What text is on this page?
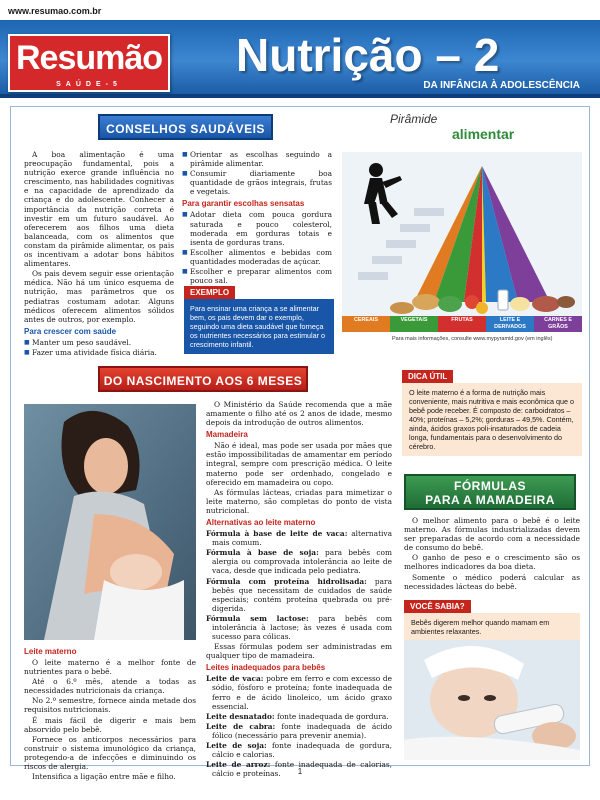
www.resumao.com.br
Resumão
SAÚDE-5
Nutrição – 2
DA INFÂNCIA À ADOLESCÊNCIA
CONSELHOS SAUDÁVEIS

A boa alimentação é uma preocupação fundamental, pois a nutrição exerce grande influência no crescimento, nas habilidades cognitivas e na capacidade de aprendizado da criança e do adolescente. Conhecer a importância da nutrição correta é investir em um futuro saudável. Ao oferecerem aos filhos uma dieta balanceada, com os alimentos que constam da pirâmide alimentar, os pais os incentivam a adotar bons hábitos alimentares.

Os pais devem seguir esse orientação médica. Não há um único esquema de nutrição, mas parâmetros que os pediatras costumam adotar. Alguns médicos oferecem alimentos sólidos antes de outros, por exemplo.

Para crescer com saúde
■ Manter um peso saudável.
■ Fazer uma atividade física diária.
■ Orientar as escolhas seguindo a pirâmide alimentar.
■ Consumir diariamente boa quantidade de grãos integrais, frutas e vegetais.
Para garantir escolhas sensatas
■ Adotar dieta com pouca gordura saturada e pouco colesterol, moderada em gorduras totais e isenta de gorduras trans.
■ Escolher alimentos e bebidas com quantidades moderadas de açúcar.
■ Escolher e preparar alimentos com pouco sal.
EXEMPLO

Para ensinar uma criança a se alimentar bem, os pais devem dar o exemplo, seguindo uma dieta saudável que forneça os nutrientes necessários para estimular o crescimento infantil.

Pirâmide
alimentar
CEREAIS	VEGETAIS	FRUTAS	LEITE E DERIVADOS
CARNES E GRÃOS
Para mais informações, consulte www.mypyramid.gov (em inglês)
DO NASCIMENTO AOS 6 MESES
Leite materno

O leite materno é a melhor fonte de nutrientes para o bebê.

Até o 6.º mês, atende a todas as necessidades nutricionais da criança.

No 2.º semestre, fornece ainda metade dos requisitos nutricionais.

É mais fácil de digerir e mais bem absorvido pelo bebê.

Fornece os anticorpos necessários para construir o sistema imunológico da criança, protegendo-a de infecções e diminuindo os riscos de alergia.

Intensifica a ligação entre mãe e filho.

O Ministério da Saúde recomenda que a mãe amamente o filho até os 2 anos de idade, mesmo depois da introdução de outros alimentos.

Mamadeira

Não é ideal, mas pode ser usada por mães que estão impossibilitadas de amamentar em período integral, sempre com prescrição médica. O leite materno pode ser ordenhado, congelado e oferecido em mamadeira ou copo.

As fórmulas lácteas, criadas para mimetizar o leite materno, são completas do ponto de vista nutricional.

Alternativas ao leite materno

Fórmula à base de leite de vaca: alternativa mais comum.

Fórmula à base de soja: para bebês com alergia ou comprovada intolerância ao leite de vaca, desde que indicada pelo pediatra.

Fórmula com proteína hidrolisada: para bebês que necessitam de cuidados de saúde especiais; contém proteína quebrada ou pré-digerida.

Fórmula sem lactose: para bebês com intolerância à lactose; às vezes é usada com sucesso para cólicas.

Essas fórmulas podem ser administradas em qualquer tipo de mamadeira.

Leites inadequados para bebês

Leite de vaca: pobre em ferro e com excesso de sódio, fósforo e proteína; fonte inadequada de ferro e de ácido linoleico, um ácido graxo essencial.

Leite desnatado: fonte inadequada de gordura.

Leite de cabra: fonte inadequada de ácido fólico (necessário para prevenir anemia).

Leite de soja: fonte inadequada de gordura, cálcio e calorias.

Leite de arroz: fonte inadequada de calorias, cálcio e proteínas.

DICA ÚTIL

O leite materno é a forma de nutrição mais conveniente, mais nutritiva e mais econômica que o bebê pode receber. É composto de: carboidratos – 40%; proteínas – 5,2%; gorduras – 49,5%. Contém, ainda, ácidos graxos poli-insaturados de cadeia longa, fundamentais para o desenvolvimento do cérebro.

FÓRMULAS
PARA A MAMADEIRA

O melhor alimento para o bebê é o leite materno. As fórmulas industrializadas devem ser preparadas de acordo com a necessidade de consumo do bebê.

O ganho de peso e o crescimento são os melhores indicadores da boa dieta.

Somente o médico poderá calcular as necessidades lácteas do bebê.

VOCÊ SABIA?

Bebês digerem melhor quando mamam em ambientes relaxantes.

1
